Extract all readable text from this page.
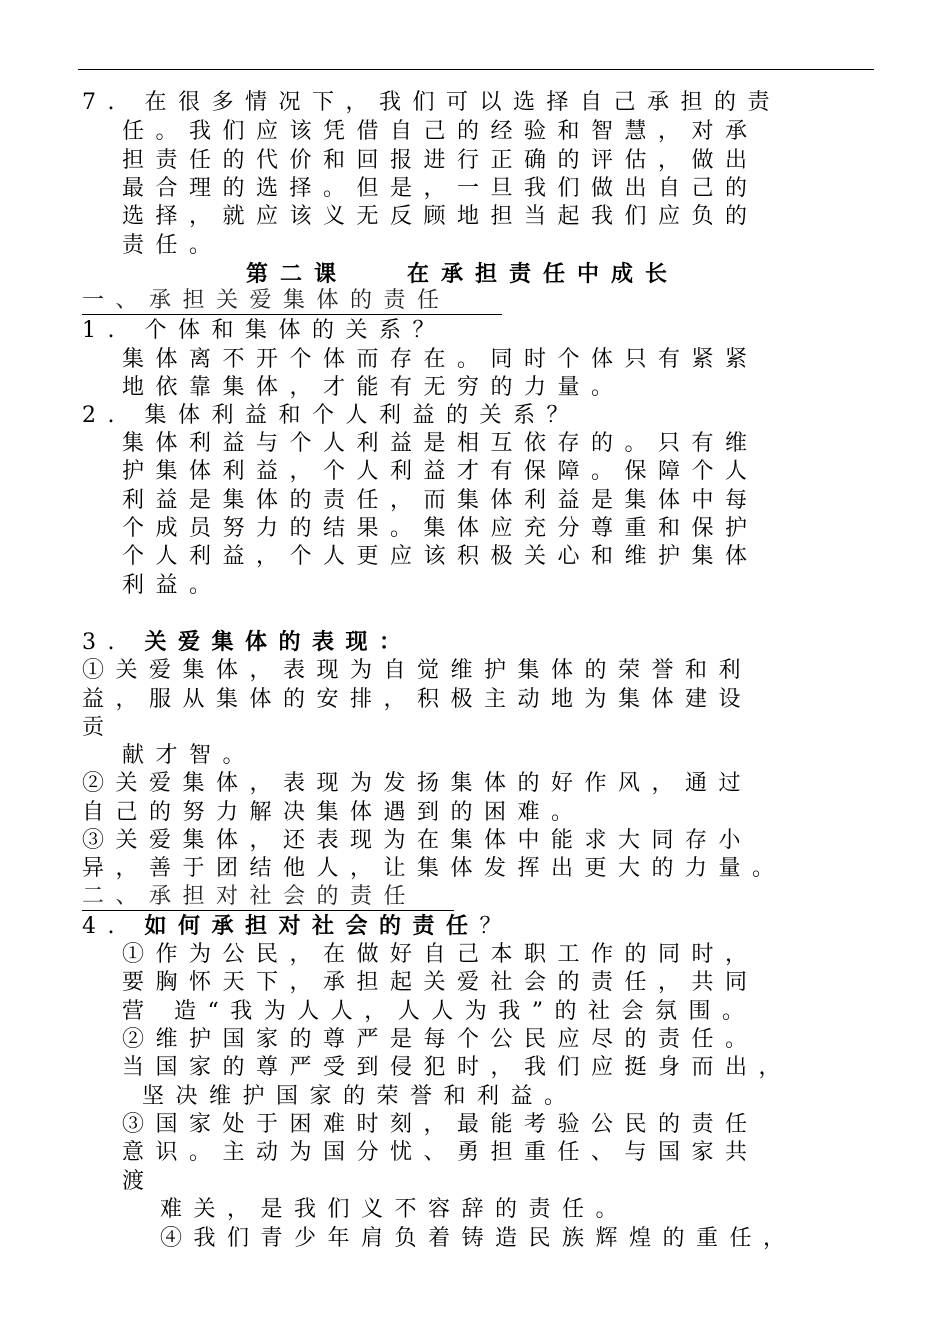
7. 在很多情况下，我们可以选择自己承担的责
任。我们应该凭借自己的经验和智慧，对承
担责任的代价和回报进行正确的评估，做出
最合理的选择。但是，一旦我们做出自己的
选择，就应该义无反顾地担当起我们应负的
责任。
第二课   在承担责任中成长
一、承担关爱集体的责任
1. 个体和集体的关系？
集体离不开个体而存在。同时个体只有紧紧
地依靠集体，才能有无穷的力量。
2. 集体利益和个人利益的关系？
集体利益与个人利益是相互依存的。只有维
护集体利益，个人利益才有保障。保障个人
利益是集体的责任，而集体利益是集体中每
个成员努力的结果。集体应充分尊重和保护
个人利益，个人更应该积极关心和维护集体
利益。
3. 关爱集体的表现：
①关爱集体，表现为自觉维护集体的荣誉和利
益，服从集体的安排，积极主动地为集体建设
贡
献才智。
②关爱集体，表现为发扬集体的好作风，通过
自己的努力解决集体遇到的困难。
③关爱集体，还表现为在集体中能求大同存小
异，善于团结他人，让集体发挥出更大的力量。
二、承担对社会的责任
4. 如何承担对社会的责任？
①作为公民，在做好自己本职工作的同时，
要胸怀天下，承担起关爱社会的责任，共同
营 造“我为人人，人人为我”的社会氛围。
②维护国家的尊严是每个公民应尽的责任。
当国家的尊严受到侵犯时，我们应挺身而出，
坚决维护国家的荣誉和利益。
③国家处于困难时刻，最能考验公民的责任
意识。主动为国分忧、勇担重任、与国家共
渡
难关，是我们义不容辞的责任。
④我们青少年肩负着铸造民族辉煌的重任，
